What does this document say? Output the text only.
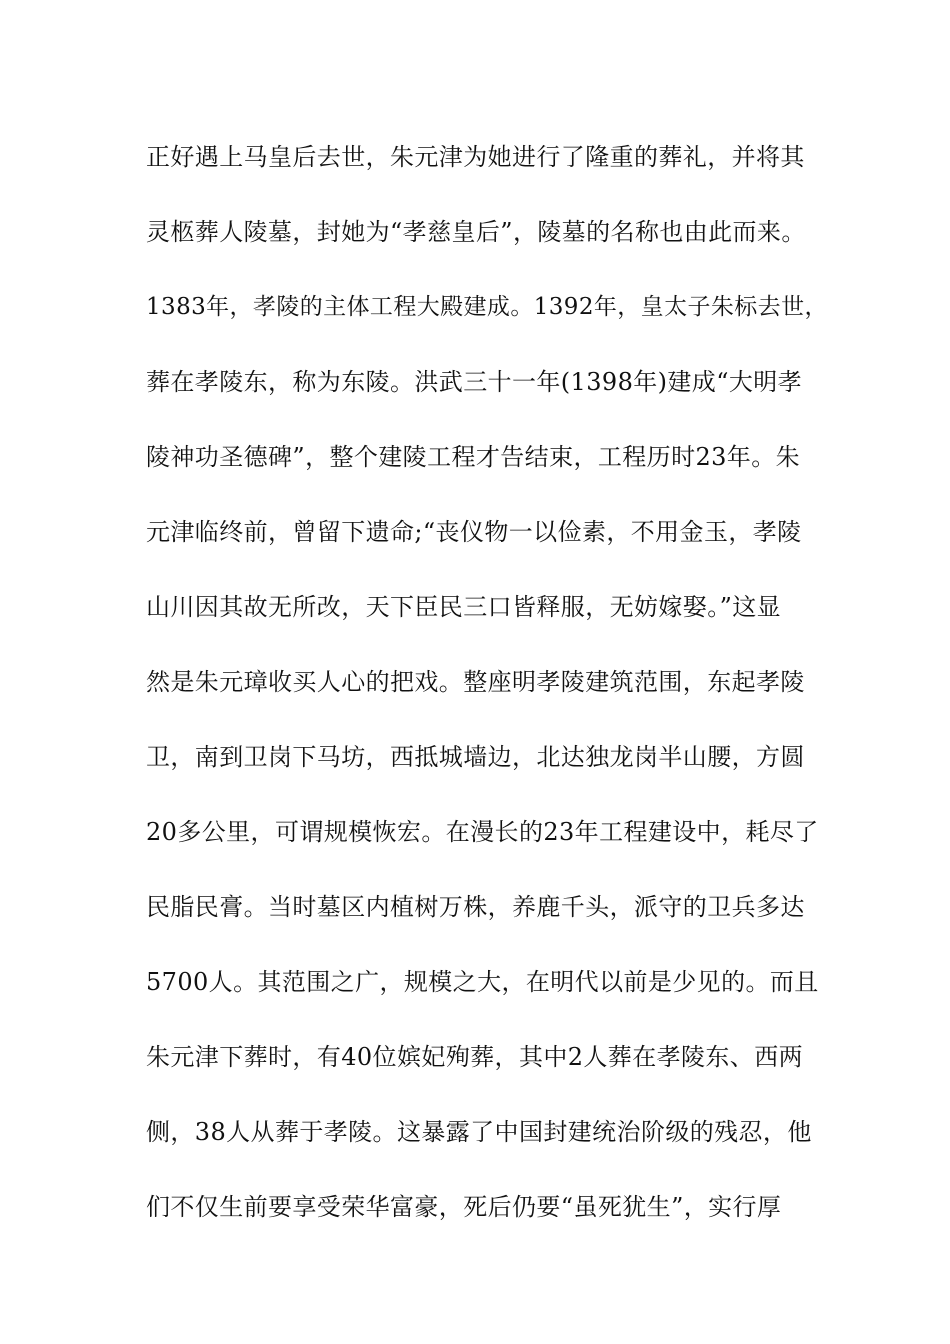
正好遇上马皇后去世，朱元津为她进行了隆重的葬礼，并将其
灵柩葬人陵墓，封她为“孝慈皇后”，陵墓的名称也由此而来。
1383年，孝陵的主体工程大殿建成。1392年，皇太子朱标去世，
葬在孝陵东，称为东陵。洪武三十一年(1398年)建成“大明孝
陵神功圣德碑”，整个建陵工程才告结束，工程历时23年。朱
元津临终前，曾留下遗命;“丧仪物一以俭素，不用金玉，孝陵
山川因其故无所改，天下臣民三口皆释服，无妨嫁娶。”这显
然是朱元璋收买人心的把戏。整座明孝陵建筑范围，东起孝陵
卫，南到卫岗下马坊，西抵城墙边，北达独龙岗半山腰，方圆
20多公里，可谓规模恢宏。在漫长的23年工程建设中，耗尽了
民脂民膏。当时墓区内植树万株，养鹿千头，派守的卫兵多达
5700人。其范围之广，规模之大，在明代以前是少见的。而且
朱元津下葬时，有40位嫔妃殉葬，其中2人葬在孝陵东、西两
侧，38人从葬于孝陵。这暴露了中国封建统治阶级的残忍，他
们不仅生前要享受荣华富豪，死后仍要“虽死犹生”，实行厚
